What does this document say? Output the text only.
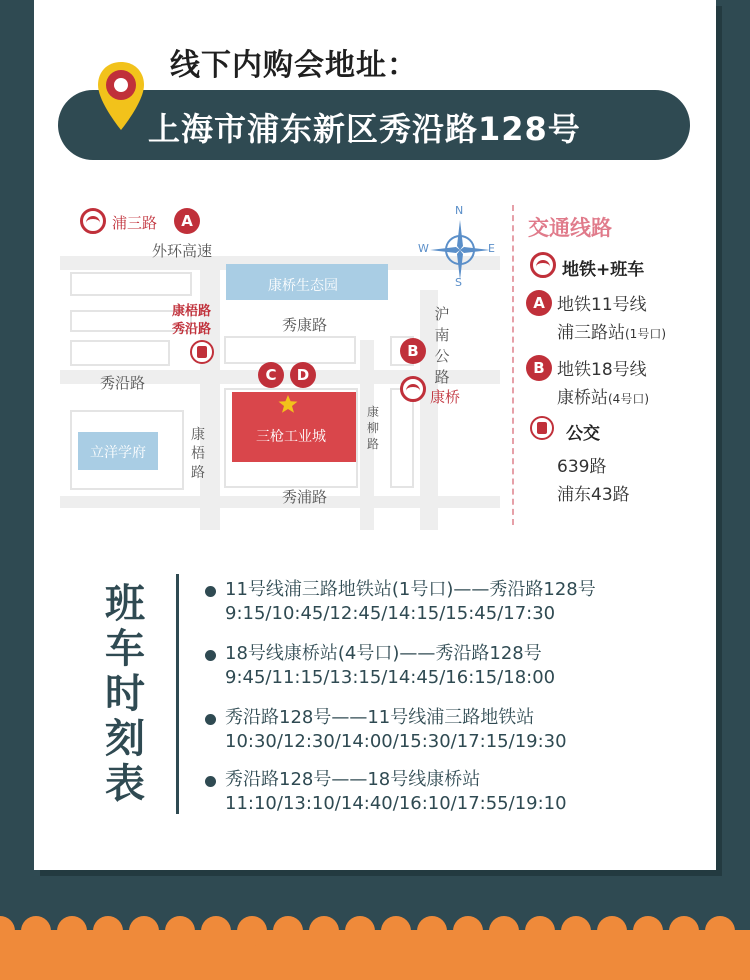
线下内购会地址：
上海市浦东新区秀沿路128号
立洋学府
康桥生态园
三枪工业城
浦三路	A
外环高速
康梧路
秀沿路	秀康路
秀沿路	C	D
康
梧
路
康
柳
路
秀浦路
沪
南
公
路
B
康桥
N
S
W	E
交通线路
地铁+班车
A 地铁11号线
浦三路站(1号口)
B 地铁18号线
康桥站(4号口)
公交
639路
浦东43路
班
车
时
刻
表
11号线浦三路地铁站(1号口)——秀沿路128号
9:15/10:45/12:45/14:15/15:45/17:30
18号线康桥站(4号口)——秀沿路128号
9:45/11:15/13:15/14:45/16:15/18:00
秀沿路128号——11号线浦三路地铁站
10:30/12:30/14:00/15:30/17:15/19:30
秀沿路128号——18号线康桥站
11:10/13:10/14:40/16:10/17:55/19:10
